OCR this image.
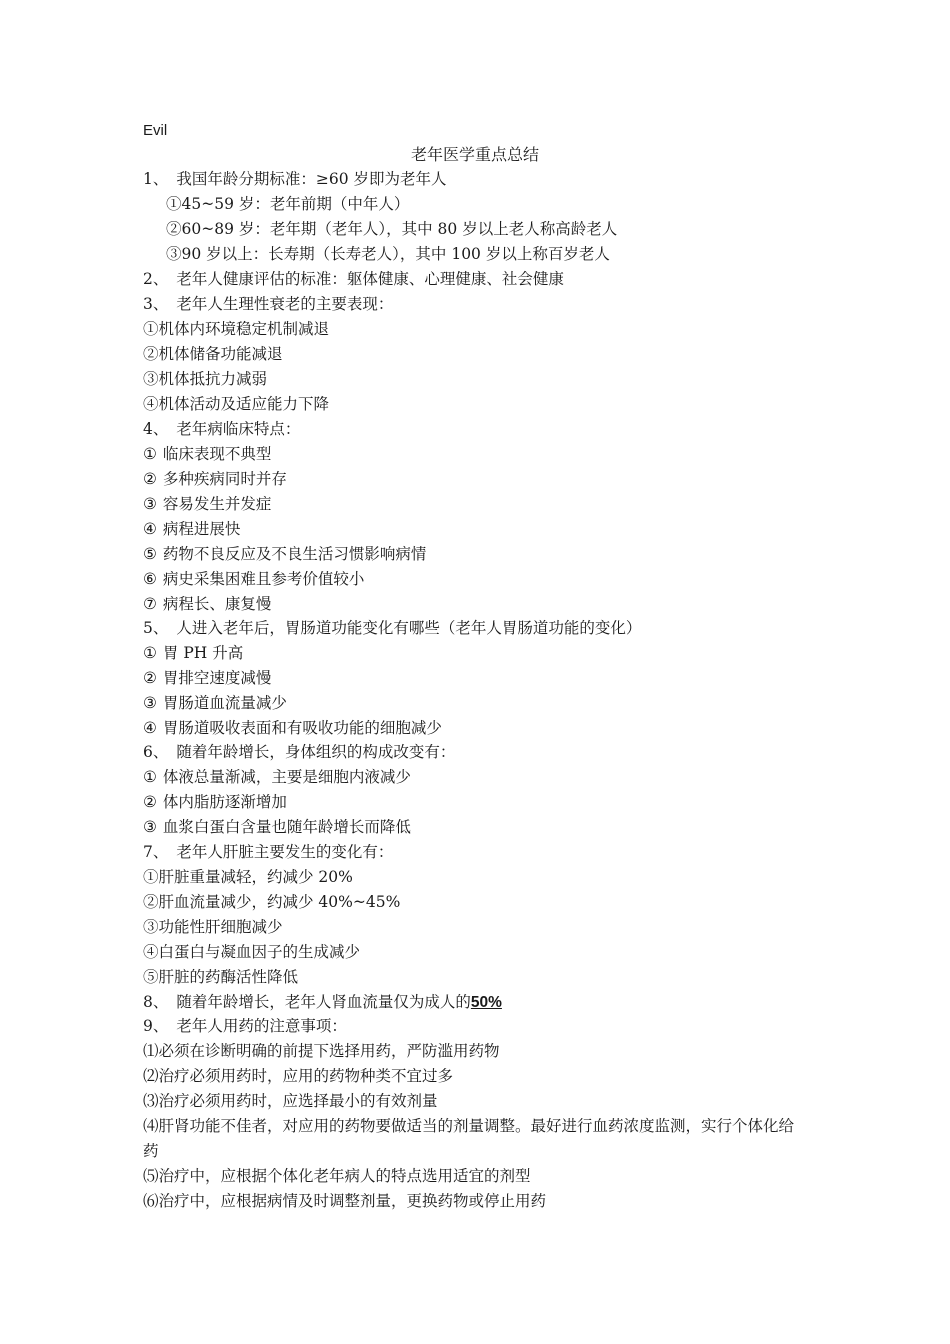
Evil
老年医学重点总结
1、 我国年龄分期标准：≥60 岁即为老年人
①45~59 岁：老年前期（中年人）
②60~89 岁：老年期（老年人），其中 80 岁以上老人称高龄老人
③90 岁以上：长寿期（长寿老人），其中 100 岁以上称百岁老人
2、 老年人健康评估的标准：躯体健康、心理健康、社会健康
3、 老年人生理性衰老的主要表现：
①机体内环境稳定机制减退
②机体储备功能减退
③机体抵抗力减弱
④机体活动及适应能力下降
4、 老年病临床特点：
① 临床表现不典型
② 多种疾病同时并存
③ 容易发生并发症
④ 病程进展快
⑤ 药物不良反应及不良生活习惯影响病情
⑥ 病史采集困难且参考价值较小
⑦ 病程长、康复慢
5、 人进入老年后，胃肠道功能变化有哪些（老年人胃肠道功能的变化）
① 胃 PH 升高
② 胃排空速度减慢
③ 胃肠道血流量减少
④ 胃肠道吸收表面和有吸收功能的细胞减少
6、 随着年龄增长，身体组织的构成改变有：
① 体液总量渐减，主要是细胞内液减少
② 体内脂肪逐渐增加
③ 血浆白蛋白含量也随年龄增长而降低
7、 老年人肝脏主要发生的变化有：
①肝脏重量减轻，约减少 20%
②肝血流量减少，约减少 40%~45%
③功能性肝细胞减少
④白蛋白与凝血因子的生成减少
⑤肝脏的药酶活性降低
8、 随着年龄增长，老年人肾血流量仅为成人的50%
9、 老年人用药的注意事项：
⑴必须在诊断明确的前提下选择用药，严防滥用药物
⑵治疗必须用药时，应用的药物种类不宜过多
⑶治疗必须用药时，应选择最小的有效剂量
⑷肝肾功能不佳者，对应用的药物要做适当的剂量调整。最好进行血药浓度监测，实行个体化给药
⑸治疗中，应根据个体化老年病人的特点选用适宜的剂型
⑹治疗中，应根据病情及时调整剂量，更换药物或停止用药
